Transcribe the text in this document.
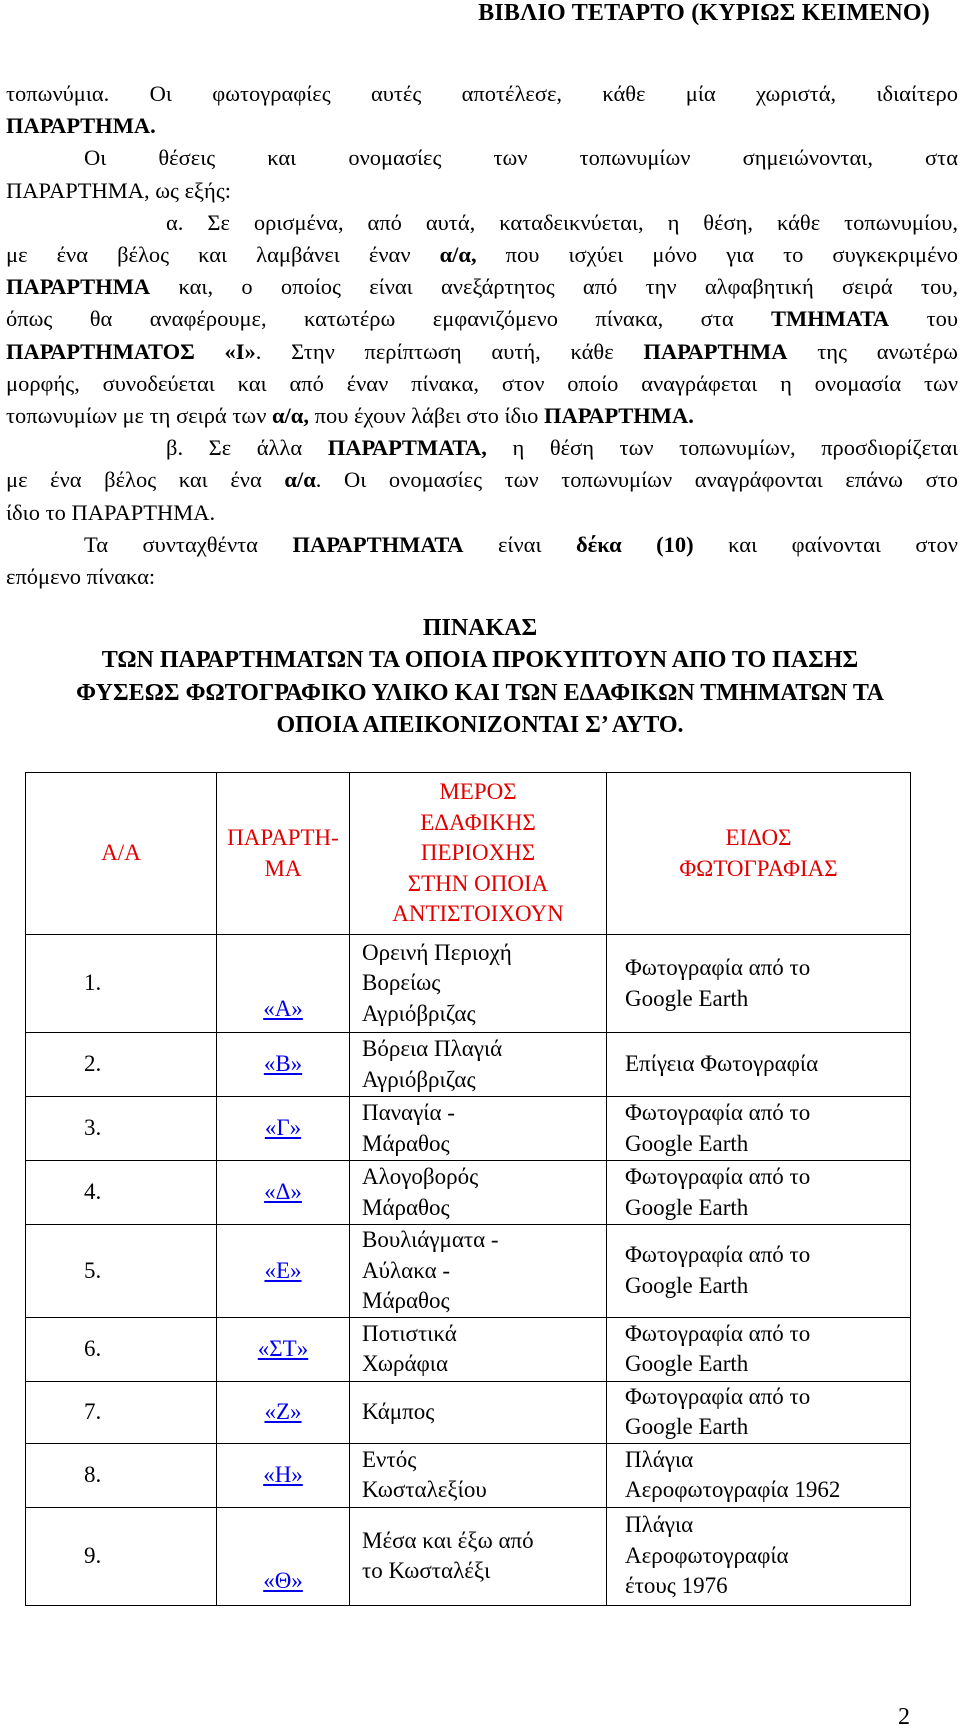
ΒΙΒΛΙΟ ΤΕΤΑΡΤΟ (ΚΥΡΙΩΣ ΚΕΙΜΕΝΟ)
τοπωνύμια. Οι φωτογραφίες αυτές αποτέλεσε, κάθε μία χωριστά, ιδιαίτερο
ΠΑΡΑΡΤΗΜΑ.
Οι θέσεις και ονομασίες των τοπωνυμίων σημειώνονται, στα
ΠΑΡΑΡΤΗΜΑ, ως εξής:
α. Σε ορισμένα, από αυτά, καταδεικνύεται, η θέση, κάθε τοπωνυμίου,
με ένα βέλος και λαμβάνει έναν α/α, που ισχύει μόνο για το συγκεκριμένο
ΠΑΡΑΡΤΗΜΑ και, ο οποίος είναι ανεξάρτητος από την αλφαβητική σειρά του,
όπως θα αναφέρουμε, κατωτέρω εμφανιζόμενο πίνακα, στα ΤΜΗΜΑΤΑ του
ΠΑΡΑΡΤΗΜΑΤΟΣ «Ι». Στην περίπτωση αυτή, κάθε ΠΑΡΑΡΤΗΜΑ της ανωτέρω
μορφής, συνοδεύεται και από έναν πίνακα, στον οποίο αναγράφεται η ονομασία των
τοπωνυμίων με τη σειρά των α/α, που έχουν λάβει στο ίδιο ΠΑΡΑΡΤΗΜΑ.
β. Σε άλλα ΠΑΡΑΡΤΜΑΤΑ, η θέση των τοπωνυμίων, προσδιορίζεται
με ένα βέλος και ένα α/α. Οι ονομασίες των τοπωνυμίων αναγράφονται επάνω στο
ίδιο το ΠΑΡΑΡΤΗΜΑ.
Τα συνταχθέντα ΠΑΡΑΡΤΗΜΑΤΑ είναι δέκα (10) και φαίνονται στον
επόμενο πίνακα:
ΠΙΝΑΚΑΣ
ΤΩΝ ΠΑΡΑΡΤΗΜΑΤΩΝ ΤΑ ΟΠΟΙΑ ΠΡΟΚΥΠΤΟΥΝ ΑΠΟ ΤΟ ΠΑΣΗΣ
ΦΥΣΕΩΣ ΦΩΤΟΓΡΑΦΙΚΟ ΥΛΙΚΟ ΚΑΙ ΤΩΝ ΕΔΑΦΙΚΩΝ ΤΜΗΜΑΤΩΝ ΤΑ
ΟΠΟΙΑ ΑΠΕΙΚΟΝΙΖΟΝΤΑΙ Σ’ ΑΥΤΟ.
Α/Α	ΠΑΡΑΡΤΗ-
ΜΑ	ΜΕΡΟΣ
ΕΔΑΦΙΚΗΣ
ΠΕΡΙΟΧΗΣ
ΣΤΗΝ ΟΠΟΙΑ
ΑΝΤΙΣΤΟΙΧΟΥΝ	ΕΙΔΟΣ
ΦΩΤΟΓΡΑΦΙΑΣ
1.	«Α»	Ορεινή Περιοχή
Βορείως
Αγριόβριζας	Φωτογραφία από το
Google Earth
2.	«Β»	Βόρεια Πλαγιά
Αγριόβριζας	Επίγεια Φωτογραφία
3.	«Γ»	Παναγία -
Μάραθος	Φωτογραφία από το
Google Earth
4.	«Δ»	Αλογοβορός
Μάραθος	Φωτογραφία από το
Google Earth
5.	«Ε»	Βουλιάγματα -
Αύλακα -
Μάραθος	Φωτογραφία από το
Google Earth
6.	«ΣΤ»	Ποτιστικά
Χωράφια	Φωτογραφία από το
Google Earth
7.	«Ζ»	Κάμπος	Φωτογραφία από το
Google Earth
8.	«Η»	Εντός
Κωσταλεξίου	Πλάγια
Αεροφωτογραφία 1962
9.	«Θ»	Μέσα και έξω από
το Κωσταλέξι	Πλάγια
Αεροφωτογραφία
έτους 1976
2
